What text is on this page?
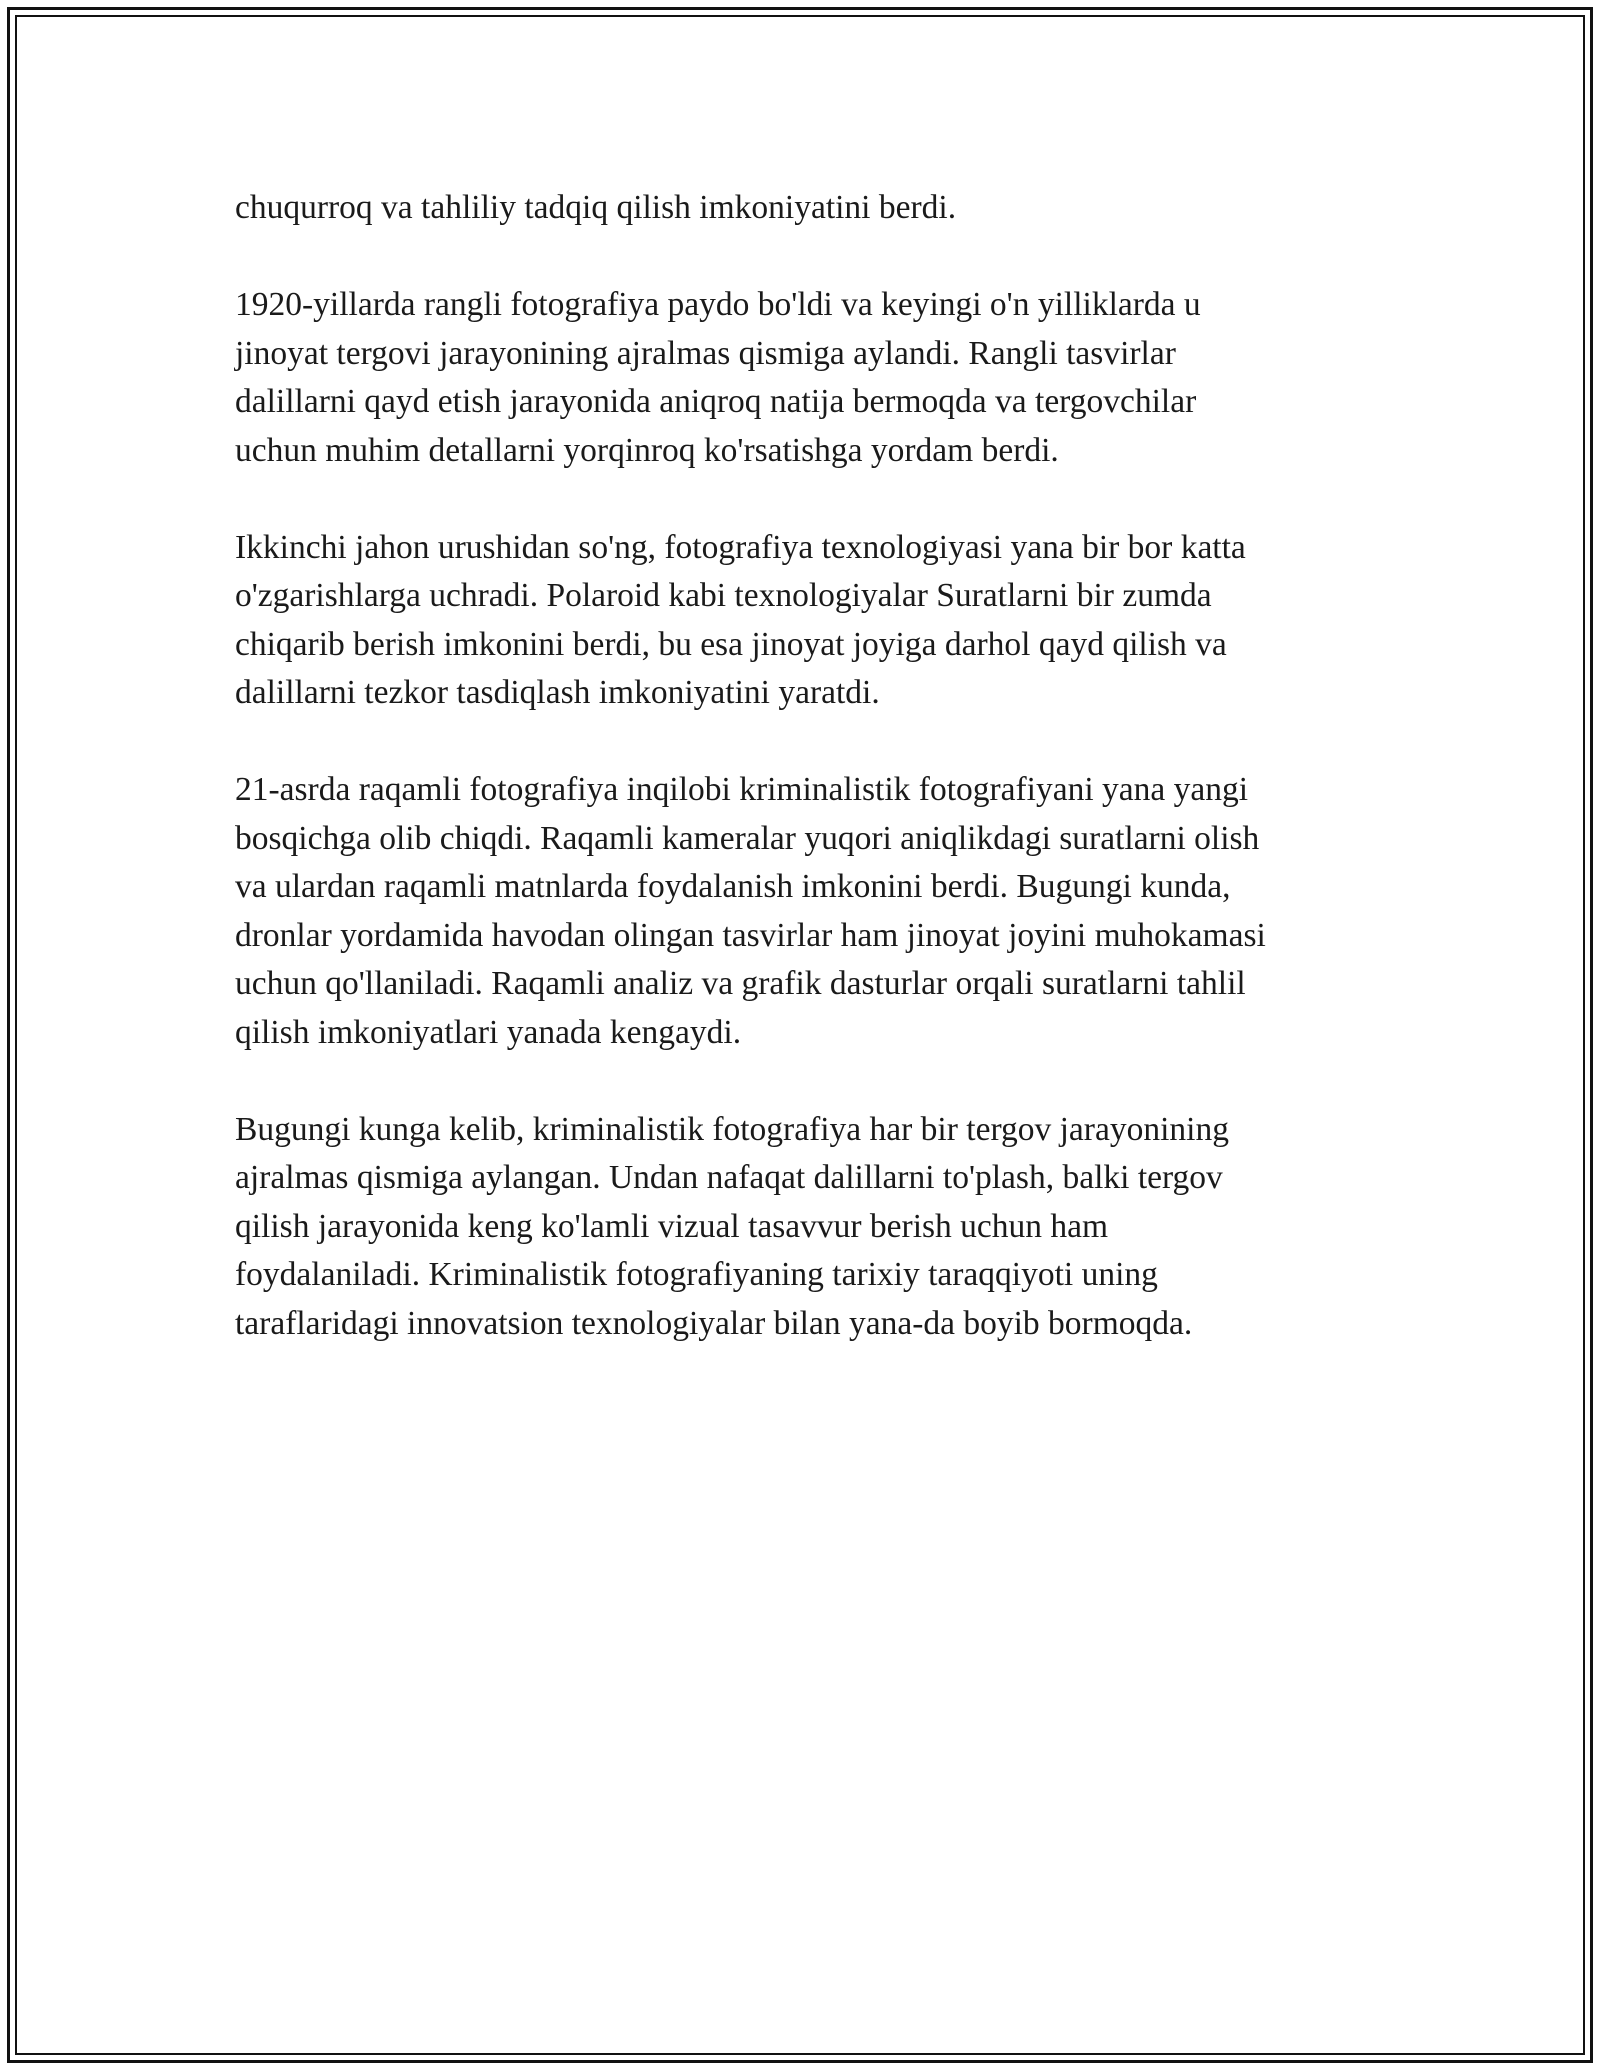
chuqurroq va tahliliy tadqiq qilish imkoniyatini berdi.

1920-yillarda rangli fotografiya paydo bo'ldi va keyingi o'n yilliklarda u
jinoyat tergovi jarayonining ajralmas qismiga aylandi. Rangli tasvirlar
dalillarni qayd etish jarayonida aniqroq natija bermoqda va tergovchilar
uchun muhim detallarni yorqinroq ko'rsatishga yordam berdi.

Ikkinchi jahon urushidan so'ng, fotografiya texnologiyasi yana bir bor katta
o'zgarishlarga uchradi. Polaroid kabi texnologiyalar Suratlarni bir zumda
chiqarib berish imkonini berdi, bu esa jinoyat joyiga darhol qayd qilish va
dalillarni tezkor tasdiqlash imkoniyatini yaratdi.

21-asrda raqamli fotografiya inqilobi kriminalistik fotografiyani yana yangi
bosqichga olib chiqdi. Raqamli kameralar yuqori aniqlikdagi suratlarni olish
va ulardan raqamli matnlarda foydalanish imkonini berdi. Bugungi kunda,
dronlar yordamida havodan olingan tasvirlar ham jinoyat joyini muhokamasi
uchun qo'llaniladi. Raqamli analiz va grafik dasturlar orqali suratlarni tahlil
qilish imkoniyatlari yanada kengaydi.

Bugungi kunga kelib, kriminalistik fotografiya har bir tergov jarayonining
ajralmas qismiga aylangan. Undan nafaqat dalillarni to'plash, balki tergov
qilish jarayonida keng ko'lamli vizual tasavvur berish uchun ham
foydalaniladi. Kriminalistik fotografiyaning tarixiy taraqqiyoti uning
taraflaridagi innovatsion texnologiyalar bilan yana-da boyib bormoqda.
